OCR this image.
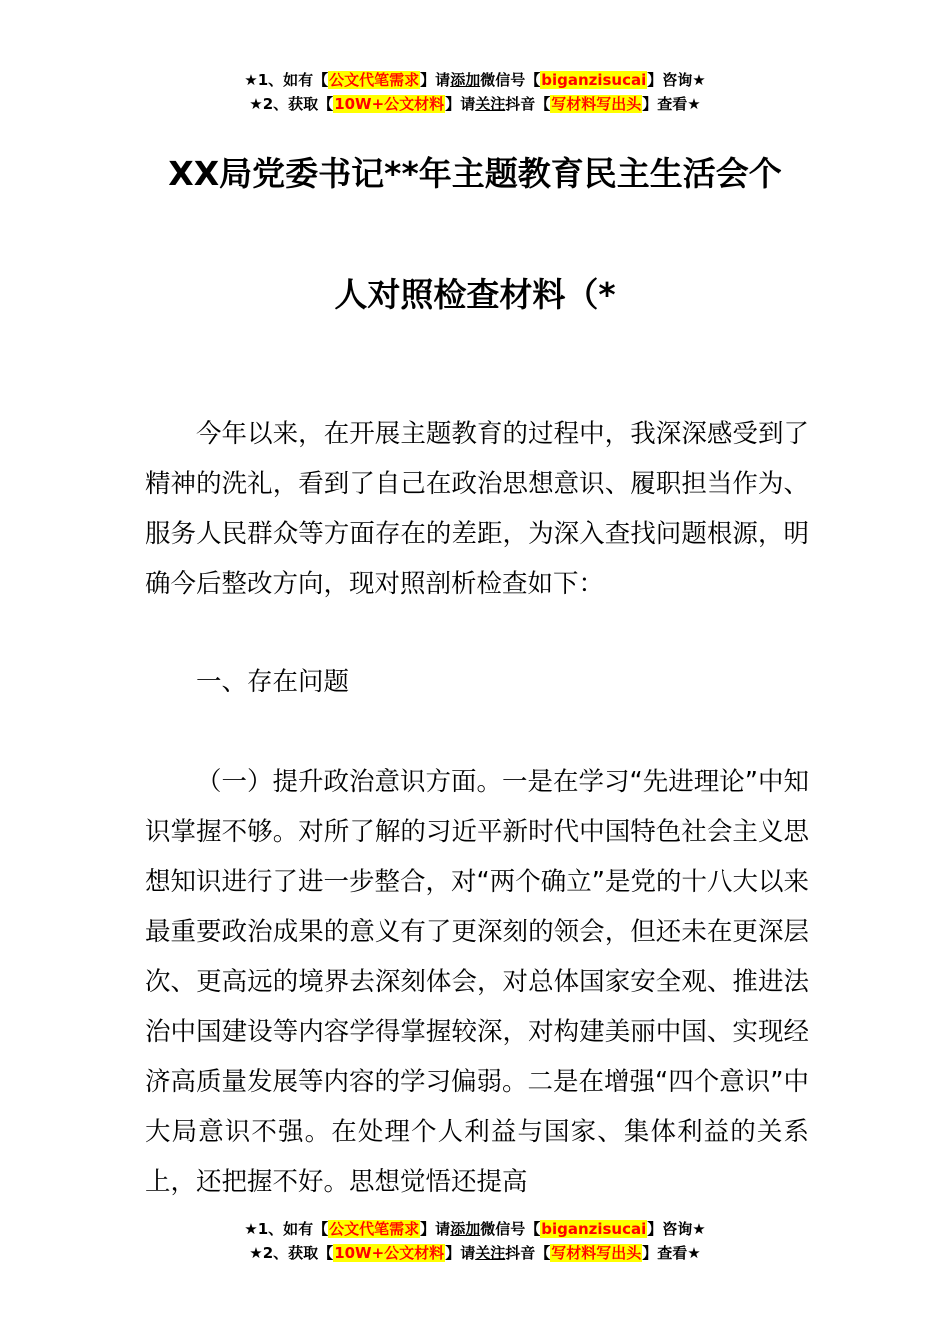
★1、如有【公文代笔需求】请添加微信号【biganzisucai】咨询★
★2、获取【10W+公文材料】请关注抖音【写材料写出头】查看★
XX局党委书记**年主题教育民主生活会个
人对照检查材料（*

今年以来，在开展主题教育的过程中，我深深感受到了精神的洗礼，看到了自己在政治思想意识、履职担当作为、服务人民群众等方面存在的差距，为深入查找问题根源，明确今后整改方向，现对照剖析检查如下：

一、存在问题

（一）提升政治意识方面。一是在学习“先进理论”中知识掌握不够。对所了解的习近平新时代中国特色社会主义思想知识进行了进一步整合，对“两个确立”是党的十八大以来最重要政治成果的意义有了更深刻的领会，但还未在更深层次、更高远的境界去深刻体会，对总体国家安全观、推进法治中国建设等内容学得掌握较深，对构建美丽中国、实现经济高质量发展等内容的学习偏弱。二是在增强“四个意识”中大局意识不强。在处理个人利益与国家、集体利益的关系上，还把握不好。思想觉悟还提高

★1、如有【公文代笔需求】请添加微信号【biganzisucai】咨询★
★2、获取【10W+公文材料】请关注抖音【写材料写出头】查看★
